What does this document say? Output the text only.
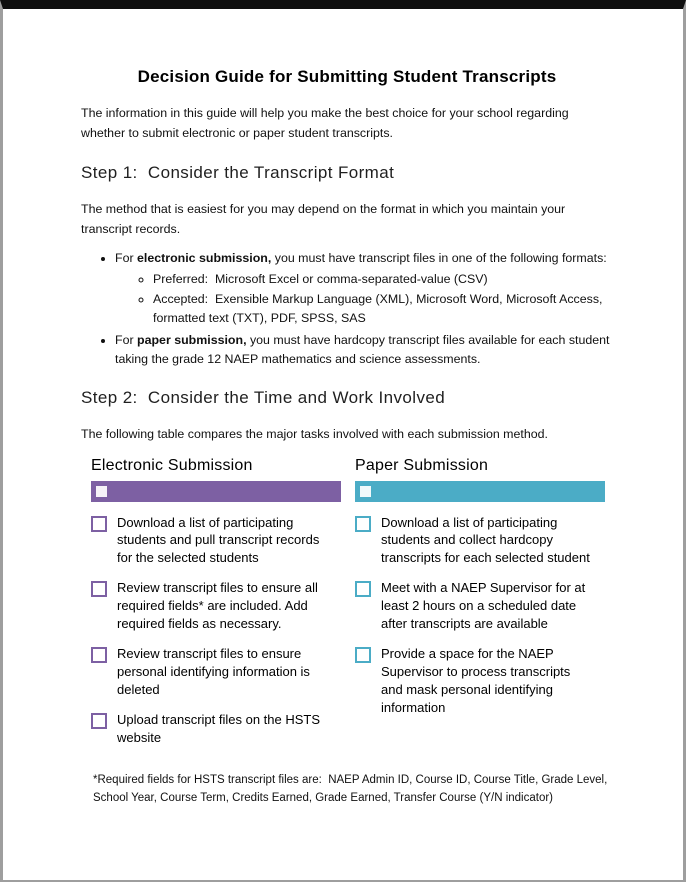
Decision Guide for Submitting Student Transcripts

The information in this guide will help you make the best choice for your school regarding whether to submit electronic or paper student transcripts.

Step 1:  Consider the Transcript Format

The method that is easiest for you may depend on the format in which you maintain your transcript records.

• For electronic submission, you must have transcript files in one of the following formats:
◦ Preferred:  Microsoft Excel or comma-separated-value (CSV)
◦ Accepted:  Exensible Markup Language (XML), Microsoft Word, Microsoft Access, formatted text (TXT), PDF, SPSS, SAS
• For paper submission, you must have hardcopy transcript files available for each student taking the grade 12 NAEP mathematics and science assessments.
Step 2:  Consider the Time and Work Involved

The following table compares the major tasks involved with each submission method.

Electronic Submission
Download a list of participating students and pull transcript records for the selected students
Review transcript files to ensure all required fields* are included. Add required fields as necessary.
Review transcript files to ensure personal identifying information is deleted
Upload transcript files on the HSTS website
Paper Submission
Download a list of participating students and collect hardcopy transcripts for each selected student
Meet with a NAEP Supervisor for at least 2 hours on a scheduled date after transcripts are available
Provide a space for the NAEP Supervisor to process transcripts and mask personal identifying information

*Required fields for HSTS transcript files are:  NAEP Admin ID, Course ID, Course Title, Grade Level, School Year, Course Term, Credits Earned, Grade Earned, Transfer Course (Y/N indicator)
